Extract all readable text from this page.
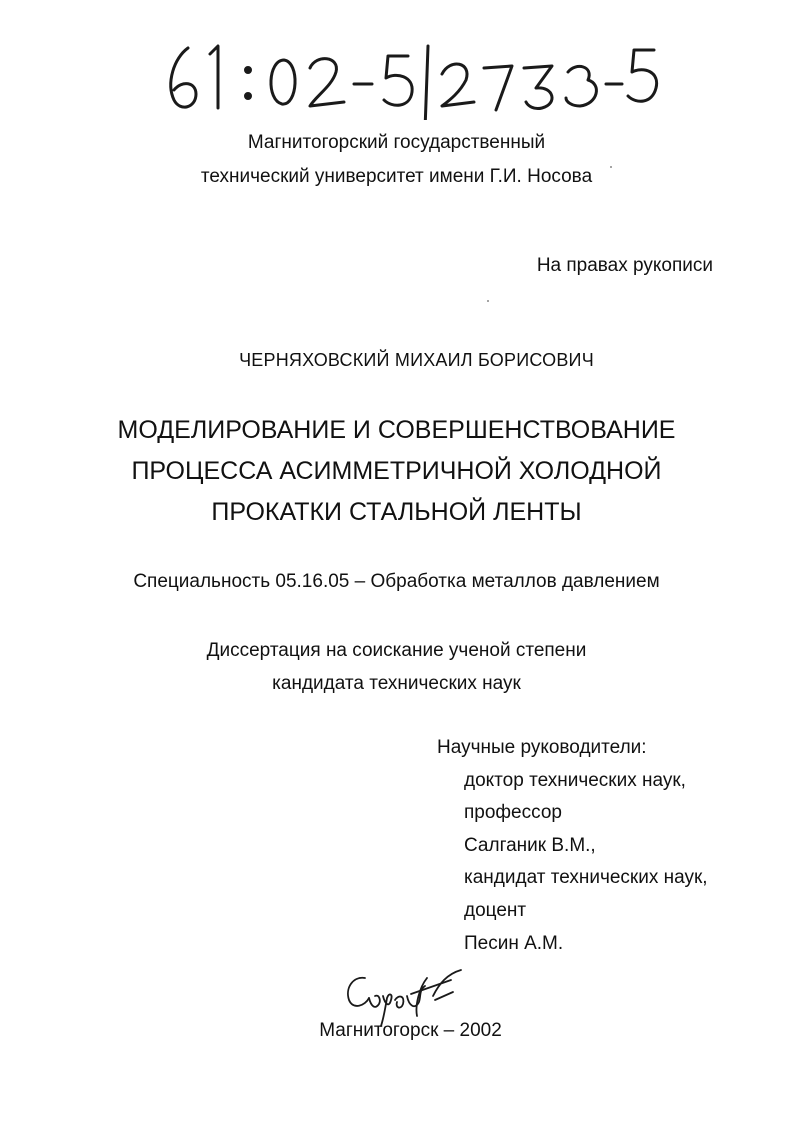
Магнитогорский государственный
технический университет имени Г.И. Носова
На правах рукописи
ЧЕРНЯХОВСКИЙ МИХАИЛ БОРИСОВИЧ
МОДЕЛИРОВАНИЕ И СОВЕРШЕНСТВОВАНИЕ
ПРОЦЕССА АСИММЕТРИЧНОЙ ХОЛОДНОЙ
ПРОКАТКИ СТАЛЬНОЙ ЛЕНТЫ
Специальность 05.16.05 – Обработка металлов давлением
Диссертация на соискание ученой степени
кандидата технических наук
Научные руководители:
доктор технических наук,
профессор
Салганик В.М.,
кандидат технических наук,
доцент
Песин А.М.
Магнитогорск – 2002
